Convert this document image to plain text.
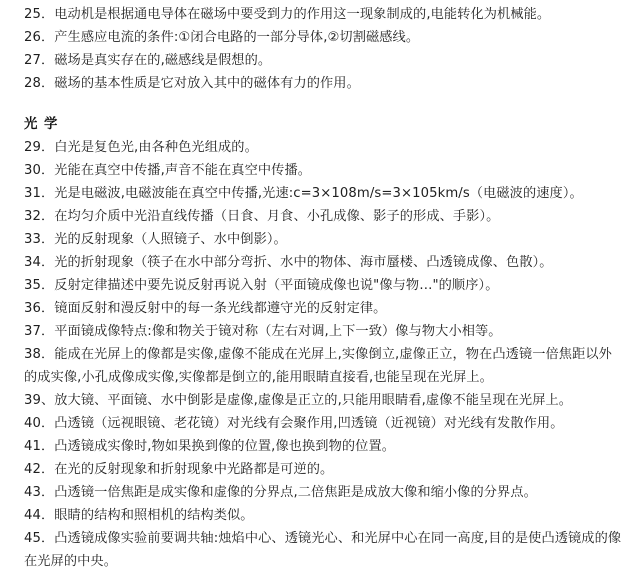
25．电动机是根据通电导体在磁场中要受到力的作用这一现象制成的,电能转化为机械能。
26．产生感应电流的条件:①闭合电路的一部分导体,②切割磁感线。
27．磁场是真实存在的,磁感线是假想的。
28．磁场的基本性质是它对放入其中的磁体有力的作用。
光 学
29．白光是复色光,由各种色光组成的。
30．光能在真空中传播,声音不能在真空中传播。
31．光是电磁波,电磁波能在真空中传播,光速:c=3×108m/s=3×105km/s（电磁波的速度）。
32．在均匀介质中光沿直线传播（日食、月食、小孔成像、影子的形成、手影）。
33．光的反射现象（人照镜子、水中倒影）。
34．光的折射现象（筷子在水中部分弯折、水中的物体、海市蜃楼、凸透镜成像、色散）。
35．反射定律描述中要先说反射再说入射（平面镜成像也说"像与物…"的顺序）。
36．镜面反射和漫反射中的每一条光线都遵守光的反射定律。
37．平面镜成像特点:像和物关于镜对称（左右对调,上下一致）像与物大小相等。
38．能成在光屏上的像都是实像,虚像不能成在光屏上,实像倒立,虚像正立，物在凸透镜一倍焦距以外的成实像,小孔成像成实像,实像都是倒立的,能用眼睛直接看,也能呈现在光屏上。
39、放大镜、平面镜、水中倒影是虚像,虚像是正立的,只能用眼睛看,虚像不能呈现在光屏上。
40．凸透镜（远视眼镜、老花镜）对光线有会聚作用,凹透镜（近视镜）对光线有发散作用。
41．凸透镜成实像时,物如果换到像的位置,像也换到物的位置。
42．在光的反射现象和折射现象中光路都是可逆的。
43．凸透镜一倍焦距是成实像和虚像的分界点,二倍焦距是成放大像和缩小像的分界点。
44．眼睛的结构和照相机的结构类似。
45．凸透镜成像实验前要调共轴:烛焰中心、透镜光心、和光屏中心在同一高度,目的是使凸透镜成的像在光屏的中央。
